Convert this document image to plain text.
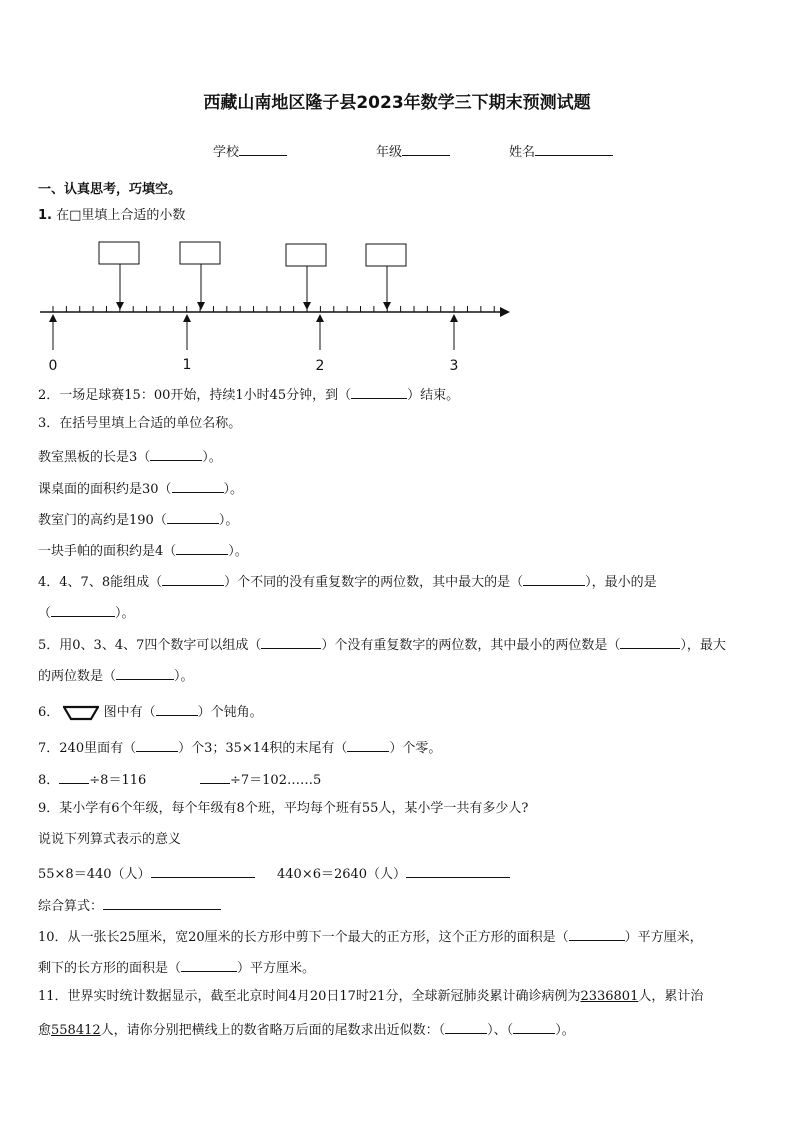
西藏山南地区隆子县2023年数学三下期末预测试题
学校	年级	姓名
一、认真思考，巧填空。
1. 在□里填上合适的小数
0	1	2	3
2．一场足球赛15：00开始，持续1小时45分钟，到（	）结束。
3．在括号里填上合适的单位名称。
教室黑板的长是3（	）。
课桌面的面积约是30（	）。
教室门的高约是190（	）。
一块手帕的面积约是4（	）。
4．4、7、8能组成（	）个不同的没有重复数字的两位数，其中最大的是（	），最小的是
（	）。
5．用0、3、4、7四个数字可以组成（	）个没有重复数字的两位数，其中最小的两位数是（	），最大
的两位数是（	）。
6．	图中有（	）个钝角。
7．240里面有（	）个3；35×14积的末尾有（	）个零。
8． ÷8＝116	÷7＝102……5
9．某小学有6个年级，每个年级有8个班，平均每个班有55人，某小学一共有多少人?
说说下列算式表示的意义
55×8＝440（人）	440×6＝2640（人）
综合算式：
10．从一张长25厘米，宽20厘米的长方形中剪下一个最大的正方形，这个正方形的面积是（	）平方厘米，
剩下的长方形的面积是（	）平方厘米。
11．世界实时统计数据显示，截至北京时间4月20日17时21分，全球新冠肺炎累计确诊病例为2336801人，累计治
愈558412人，请你分别把横线上的数省略万后面的尾数求出近似数：（	）、（	）。
